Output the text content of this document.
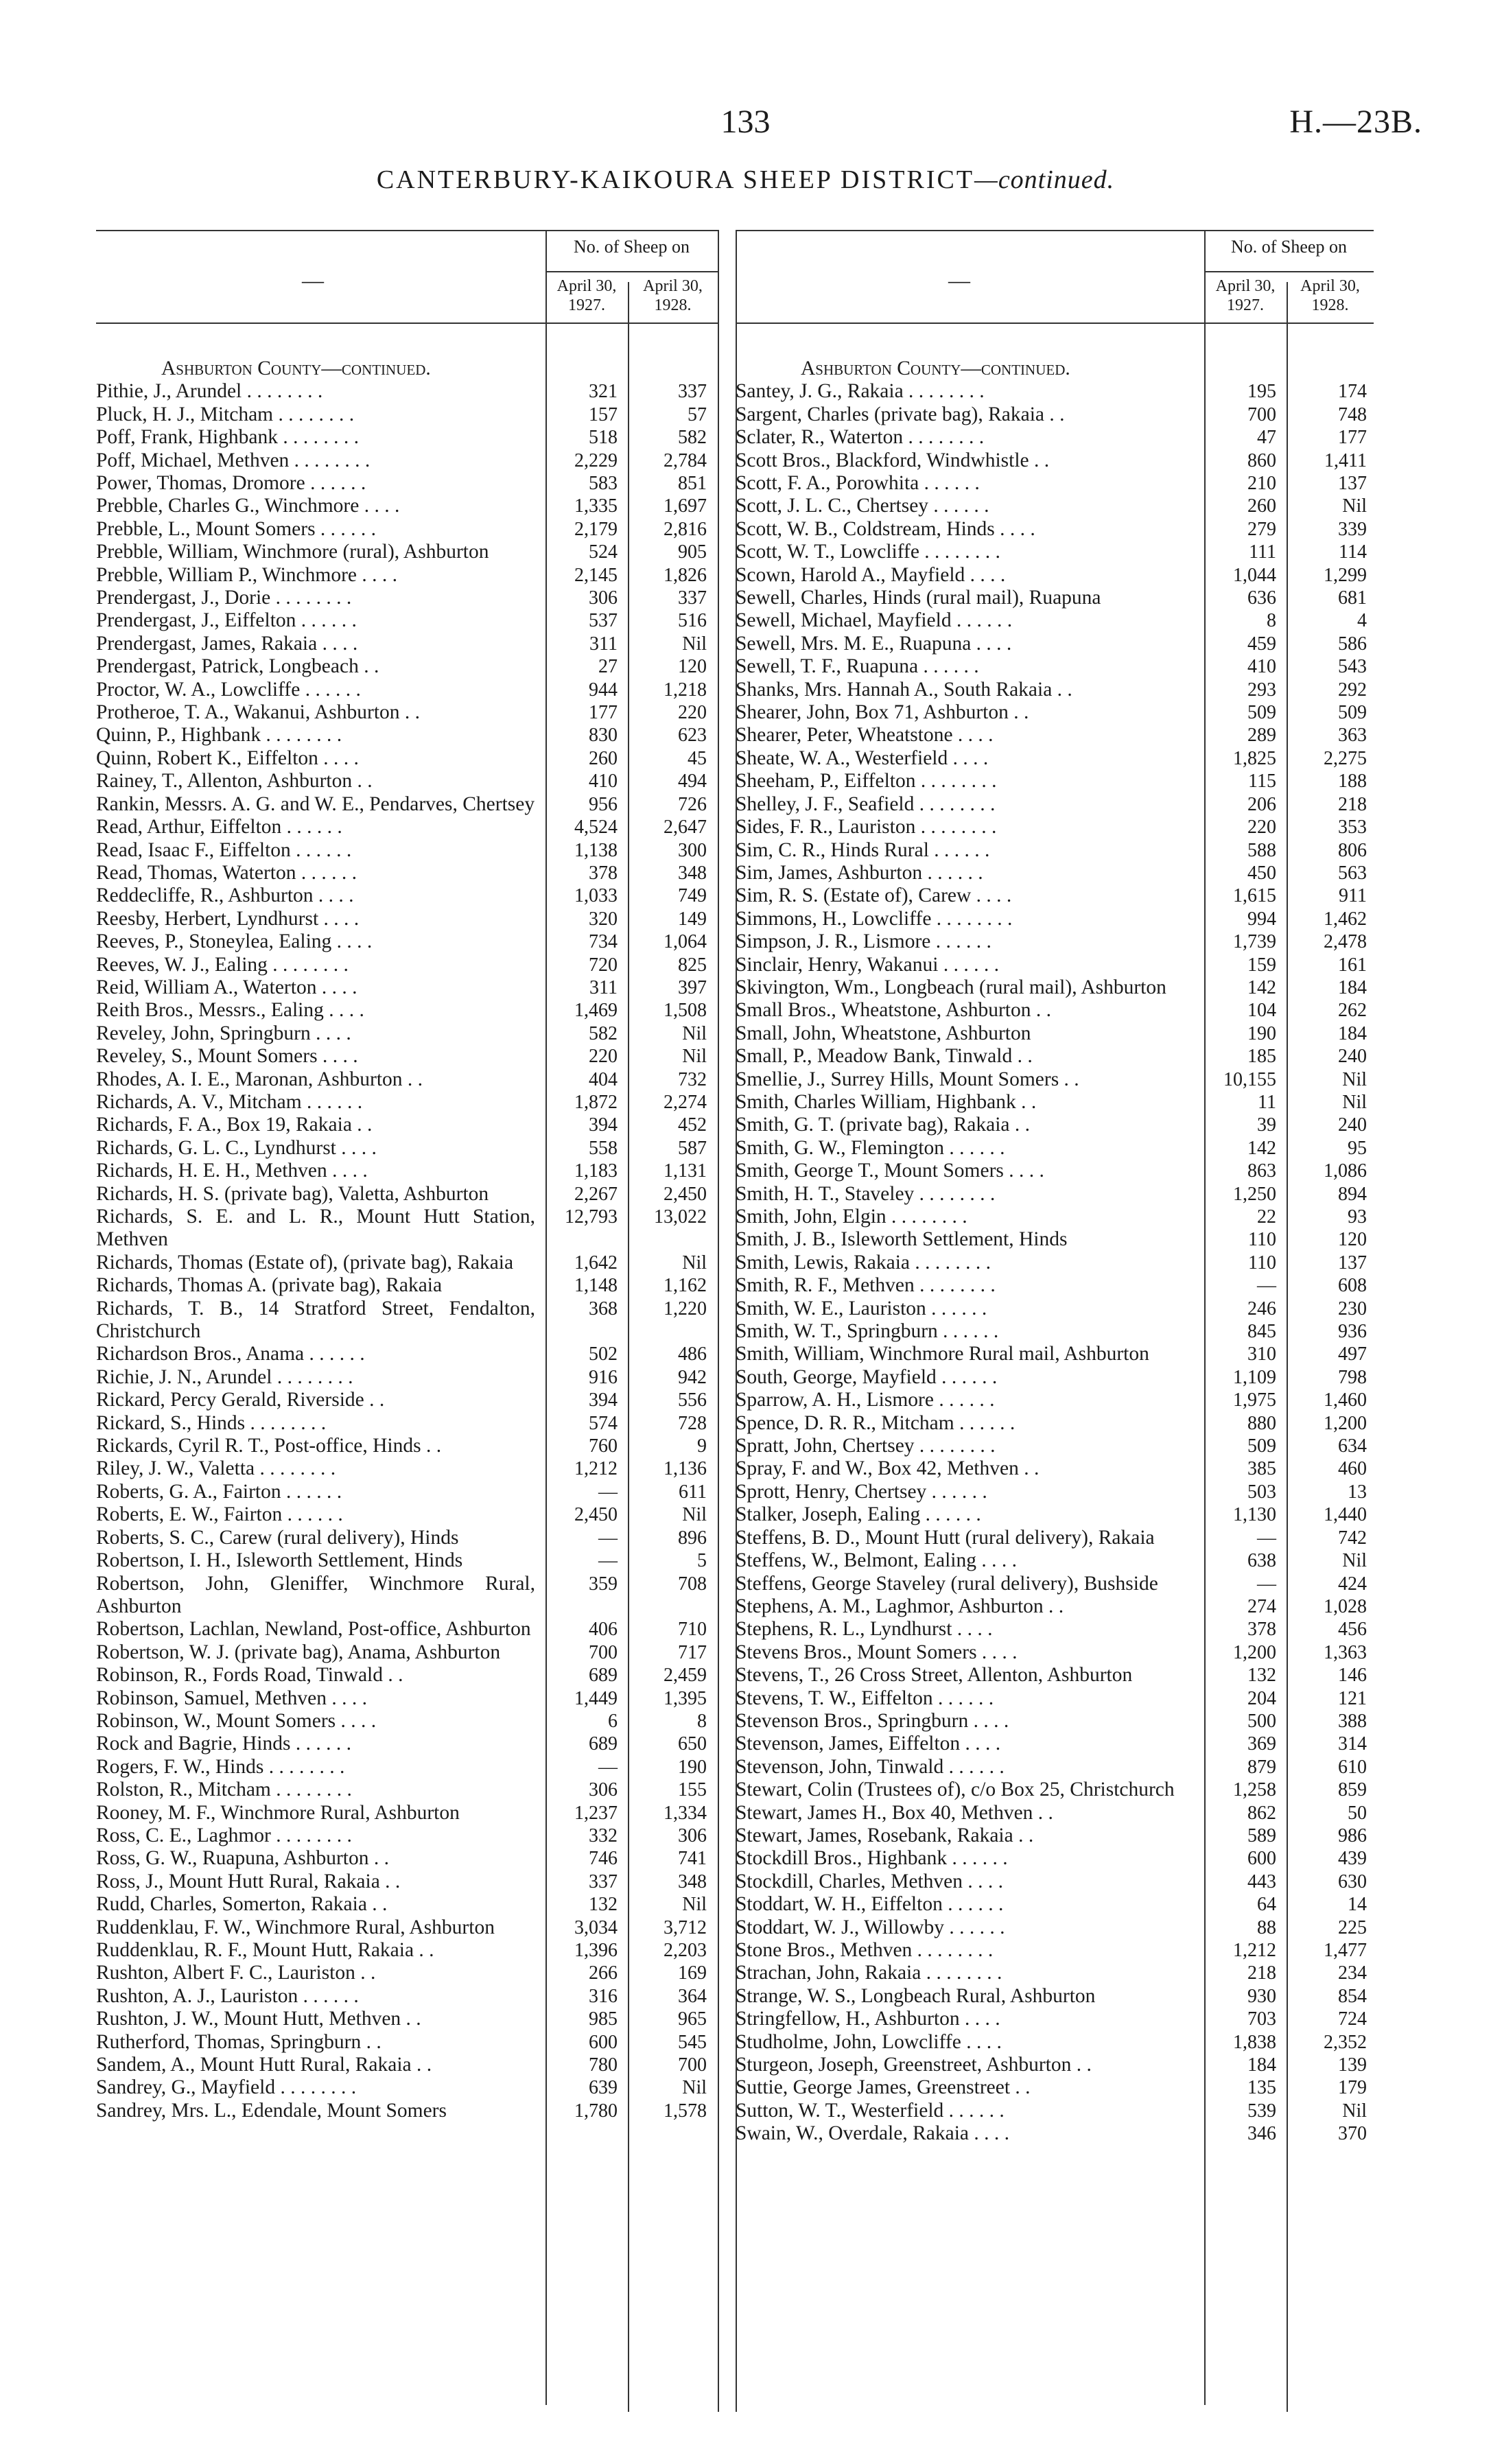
133	H.—23B.
CANTERBURY-KAIKOURA SHEEP DISTRICT—continued.
—
No. of Sheep on
April 30, 1927.
April 30, 1928.
Ashburton County—continued.
Pithie, J., Arundel . . . . . . . .	321	337
Pluck, H. J., Mitcham . . . . . . . .	157	57
Poff, Frank, Highbank . . . . . . . .	518	582
Poff, Michael, Methven . . . . . . . .	2,229	2,784
Power, Thomas, Dromore . . . . . .	583	851
Prebble, Charles G., Winchmore . . . .	1,335	1,697
Prebble, L., Mount Somers . . . . . .	2,179	2,816
Prebble, William, Winchmore (rural), Ashburton	524	905
Prebble, William P., Winchmore . . . .	2,145	1,826
Prendergast, J., Dorie . . . . . . . .	306	337
Prendergast, J., Eiffelton . . . . . .	537	516
Prendergast, James, Rakaia . . . .	311	Nil
Prendergast, Patrick, Longbeach . .	27	120
Proctor, W. A., Lowcliffe . . . . . .	944	1,218
Protheroe, T. A., Wakanui, Ashburton . .	177	220
Quinn, P., Highbank . . . . . . . .	830	623
Quinn, Robert K., Eiffelton . . . .	260	45
Rainey, T., Allenton, Ashburton . .	410	494
Rankin, Messrs. A. G. and W. E., Pendarves, Chertsey	956	726
Read, Arthur, Eiffelton . . . . . .	4,524	2,647
Read, Isaac F., Eiffelton . . . . . .	1,138	300
Read, Thomas, Waterton . . . . . .	378	348
Reddecliffe, R., Ashburton . . . .	1,033	749
Reesby, Herbert, Lyndhurst . . . .	320	149
Reeves, P., Stoneylea, Ealing . . . .	734	1,064
Reeves, W. J., Ealing . . . . . . . .	720	825
Reid, William A., Waterton . . . .	311	397
Reith Bros., Messrs., Ealing . . . .	1,469	1,508
Reveley, John, Springburn . . . .	582	Nil
Reveley, S., Mount Somers . . . .	220	Nil
Rhodes, A. I. E., Maronan, Ashburton . .	404	732
Richards, A. V., Mitcham . . . . . .	1,872	2,274
Richards, F. A., Box 19, Rakaia . .	394	452
Richards, G. L. C., Lyndhurst . . . .	558	587
Richards, H. E. H., Methven . . . .	1,183	1,131
Richards, H. S. (private bag), Valetta, Ashburton	2,267	2,450
Richards, S. E. and L. R., Mount Hutt Station, Methven
12,793	13,022
Richards, Thomas (Estate of), (private bag), Rakaia	1,642	Nil
Richards, Thomas A. (private bag), Rakaia	1,148	1,162
Richards, T. B., 14 Stratford Street, Fendalton, Christchurch
368	1,220
Richardson Bros., Anama . . . . . .	502	486
Richie, J. N., Arundel . . . . . . . .	916	942
Rickard, Percy Gerald, Riverside . .	394	556
Rickard, S., Hinds . . . . . . . .	574	728
Rickards, Cyril R. T., Post-office, Hinds . .	760	9
Riley, J. W., Valetta . . . . . . . .	1,212	1,136
Roberts, G. A., Fairton . . . . . .	—	611
Roberts, E. W., Fairton . . . . . .	2,450	Nil
Roberts, S. C., Carew (rural delivery), Hinds	—	896
Robertson, I. H., Isleworth Settlement, Hinds	—	5
Robertson, John, Gleniffer, Winchmore Rural, Ashburton
359	708
Robertson, Lachlan, Newland, Post-office, Ashburton	406	710
Robertson, W. J. (private bag), Anama, Ashburton	700	717
Robinson, R., Fords Road, Tinwald . .	689	2,459
Robinson, Samuel, Methven . . . .	1,449	1,395
Robinson, W., Mount Somers . . . .	6	8
Rock and Bagrie, Hinds . . . . . .	689	650
Rogers, F. W., Hinds . . . . . . . .	—	190
Rolston, R., Mitcham . . . . . . . .	306	155
Rooney, M. F., Winchmore Rural, Ashburton	1,237	1,334
Ross, C. E., Laghmor . . . . . . . .	332	306
Ross, G. W., Ruapuna, Ashburton . .	746	741
Ross, J., Mount Hutt Rural, Rakaia . .	337	348
Rudd, Charles, Somerton, Rakaia . .	132	Nil
Ruddenklau, F. W., Winchmore Rural, Ashburton	3,034	3,712
Ruddenklau, R. F., Mount Hutt, Rakaia . .	1,396	2,203
Rushton, Albert F. C., Lauriston . .	266	169
Rushton, A. J., Lauriston . . . . . .	316	364
Rushton, J. W., Mount Hutt, Methven . .	985	965
Rutherford, Thomas, Springburn . .	600	545
Sandem, A., Mount Hutt Rural, Rakaia . .	780	700
Sandrey, G., Mayfield . . . . . . . .	639	Nil
Sandrey, Mrs. L., Edendale, Mount Somers	1,780	1,578
—
No. of Sheep on
April 30, 1927.
April 30, 1928.
Ashburton County—continued.
Santey, J. G., Rakaia . . . . . . . .	195	174
Sargent, Charles (private bag), Rakaia . .	700	748
Sclater, R., Waterton . . . . . . . .	47	177
Scott Bros., Blackford, Windwhistle . .	860	1,411
Scott, F. A., Porowhita . . . . . .	210	137
Scott, J. L. C., Chertsey . . . . . .	260	Nil
Scott, W. B., Coldstream, Hinds . . . .	279	339
Scott, W. T., Lowcliffe . . . . . . . .	111	114
Scown, Harold A., Mayfield . . . .	1,044	1,299
Sewell, Charles, Hinds (rural mail), Ruapuna	636	681
Sewell, Michael, Mayfield . . . . . .	8	4
Sewell, Mrs. M. E., Ruapuna . . . .	459	586
Sewell, T. F., Ruapuna . . . . . .	410	543
Shanks, Mrs. Hannah A., South Rakaia . .	293	292
Shearer, John, Box 71, Ashburton . .	509	509
Shearer, Peter, Wheatstone . . . .	289	363
Sheate, W. A., Westerfield . . . .	1,825	2,275
Sheeham, P., Eiffelton . . . . . . . .	115	188
Shelley, J. F., Seafield . . . . . . . .	206	218
Sides, F. R., Lauriston . . . . . . . .	220	353
Sim, C. R., Hinds Rural . . . . . .	588	806
Sim, James, Ashburton . . . . . .	450	563
Sim, R. S. (Estate of), Carew . . . .	1,615	911
Simmons, H., Lowcliffe . . . . . . . .	994	1,462
Simpson, J. R., Lismore . . . . . .	1,739	2,478
Sinclair, Henry, Wakanui . . . . . .	159	161
Skivington, Wm., Longbeach (rural mail), Ashburton	142	184
Small Bros., Wheatstone, Ashburton . .	104	262
Small, John, Wheatstone, Ashburton	190	184
Small, P., Meadow Bank, Tinwald . .	185	240
Smellie, J., Surrey Hills, Mount Somers . .	10,155	Nil
Smith, Charles William, Highbank . .	11	Nil
Smith, G. T. (private bag), Rakaia . .	39	240
Smith, G. W., Flemington . . . . . .	142	95
Smith, George T., Mount Somers . . . .	863	1,086
Smith, H. T., Staveley . . . . . . . .	1,250	894
Smith, John, Elgin . . . . . . . .	22	93
Smith, J. B., Isleworth Settlement, Hinds	110	120
Smith, Lewis, Rakaia . . . . . . . .	110	137
Smith, R. F., Methven . . . . . . . .	—	608
Smith, W. E., Lauriston . . . . . .	246	230
Smith, W. T., Springburn . . . . . .	845	936
Smith, William, Winchmore Rural mail, Ashburton	310	497
South, George, Mayfield . . . . . .	1,109	798
Sparrow, A. H., Lismore . . . . . .	1,975	1,460
Spence, D. R. R., Mitcham . . . . . .	880	1,200
Spratt, John, Chertsey . . . . . . . .	509	634
Spray, F. and W., Box 42, Methven . .	385	460
Sprott, Henry, Chertsey . . . . . .	503	13
Stalker, Joseph, Ealing . . . . . .	1,130	1,440
Steffens, B. D., Mount Hutt (rural delivery), Rakaia	—	742
Steffens, W., Belmont, Ealing . . . .	638	Nil
Steffens, George Staveley (rural delivery), Bushside	—	424
Stephens, A. M., Laghmor, Ashburton . .	274	1,028
Stephens, R. L., Lyndhurst . . . .	378	456
Stevens Bros., Mount Somers . . . .	1,200	1,363
Stevens, T., 26 Cross Street, Allenton, Ashburton	132	146
Stevens, T. W., Eiffelton . . . . . .	204	121
Stevenson Bros., Springburn . . . .	500	388
Stevenson, James, Eiffelton . . . .	369	314
Stevenson, John, Tinwald . . . . . .	879	610
Stewart, Colin (Trustees of), c/o Box 25, Christchurch	1,258	859
Stewart, James H., Box 40, Methven . .	862	50
Stewart, James, Rosebank, Rakaia . .	589	986
Stockdill Bros., Highbank . . . . . .	600	439
Stockdill, Charles, Methven . . . .	443	630
Stoddart, W. H., Eiffelton . . . . . .	64	14
Stoddart, W. J., Willowby . . . . . .	88	225
Stone Bros., Methven . . . . . . . .	1,212	1,477
Strachan, John, Rakaia . . . . . . . .	218	234
Strange, W. S., Longbeach Rural, Ashburton	930	854
Stringfellow, H., Ashburton . . . .	703	724
Studholme, John, Lowcliffe . . . .	1,838	2,352
Sturgeon, Joseph, Greenstreet, Ashburton . .	184	139
Suttie, George James, Greenstreet . .	135	179
Sutton, W. T., Westerfield . . . . . .	539	Nil
Swain, W., Overdale, Rakaia . . . .	346	370
